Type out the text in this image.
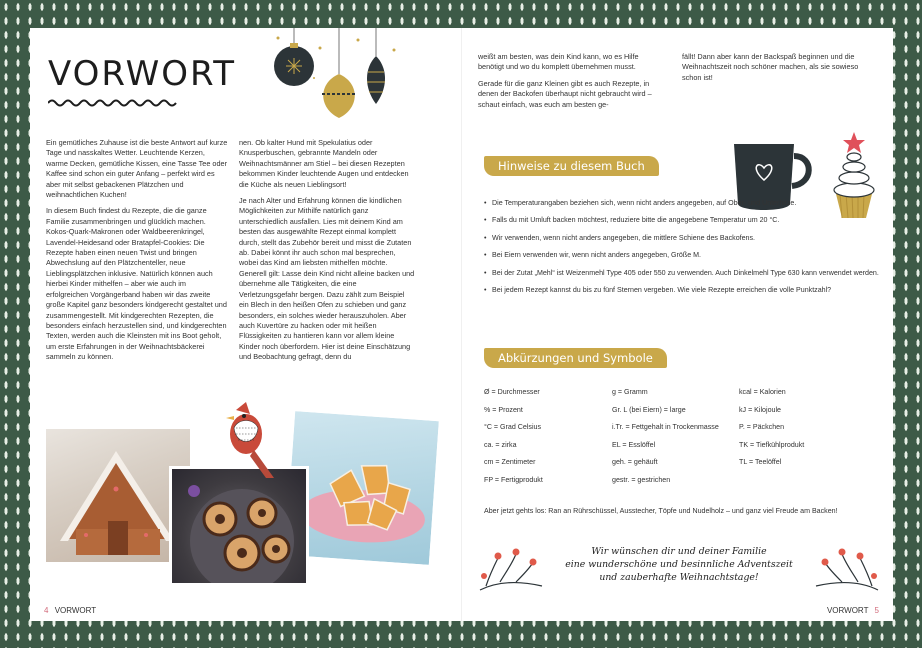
VORWORT

Ein gemütliches Zuhause ist die beste Antwort auf kurze Tage und nasskaltes Wetter. Leuchtende Kerzen, warme Decken, gemütliche Kissen, eine Tasse Tee oder Kaffee sind schon ein guter Anfang – perfekt wird es aber mit selbst gebackenen Plätzchen und weihnachtlichen Kuchen!

In diesem Buch findest du Rezepte, die die ganze Familie zusammenbringen und glücklich machen. Kokos-Quark-Makronen oder Waldbeerenkringel, Lavendel-Heidesand oder Bratapfel-Cookies: Die Rezepte haben einen neuen Twist und bringen Abwechslung auf den Plätzchenteller, neue Lieblingsplätzchen inklusive. Natürlich können auch hierbei Kinder mithelfen – aber wie auch im erfolgreichen Vorgängerband haben wir das zweite große Kapitel ganz besonders kindgerecht gestaltet und zusammengestellt. Mit kindgerechten Rezepten, die besonders einfach herzustellen sind, und kindgerechten Texten, werden auch die Kleinsten mit ins Boot geholt, um erste Erfahrungen in der Weihnachtsbäckerei sammeln zu können.

nen. Ob kalter Hund mit Spekulatius oder Knusperbuschen, gebrannte Mandeln oder Weihnachtsmänner am Stiel – bei diesen Rezepten bekommen Kinder leuchtende Augen und entdecken die Küche als neuen Lieblingsort!

Je nach Alter und Erfahrung können die kindlichen Möglichkeiten zur Mithilfe natürlich ganz unterschiedlich ausfallen. Lies mit deinem Kind am besten das ausgewählte Rezept einmal komplett durch, stellt das Zubehör bereit und misst die Zutaten ab. Dabei könnt ihr auch schon mal besprechen, wobei das Kind am liebsten mithelfen möchte. Generell gilt: Lasse dein Kind nicht alleine backen und übernehme alle Tätigkeiten, die eine Verletzungsgefahr bergen. Dazu zählt zum Beispiel ein Blech in den heißen Ofen zu schieben und ganz besonders, ein solches wieder herauszuholen. Aber auch Kuvertüre zu hacken oder mit heißen Flüssigkeiten zu hantieren kann vor allem kleine Kinder noch überfordern. Hier ist deine Einschätzung und Beobachtung gefragt, denn du

4 VORWORT

weißt am besten, was dein Kind kann, wo es Hilfe benötigt und wo du komplett übernehmen musst.

Gerade für die ganz Kleinen gibt es auch Rezepte, in denen der Backofen überhaupt nicht gebraucht wird – schaut einfach, was euch am besten ge-

fällt! Dann aber kann der Backspaß beginnen und die Weihnachtszeit noch schöner machen, als sie sowieso schon ist!

Hinweise zu diesem Buch
• Die Temperaturangaben beziehen sich, wenn nicht anders angegeben, auf Ober- und Unterhitze.
• Falls du mit Umluft backen möchtest, reduziere bitte die angegebene Temperatur um 20 °C.
• Wir verwenden, wenn nicht anders angegeben, die mittlere Schiene des Backofens.
• Bei Eiern verwenden wir, wenn nicht anders angegeben, Größe M.
• Bei der Zutat „Mehl“ ist Weizenmehl Type 405 oder 550 zu verwenden. Auch Dinkelmehl Type 630 kann verwendet werden.
• Bei jedem Rezept kannst du bis zu fünf Sternen vergeben. Wie viele Rezepte erreichen die volle Punktzahl?
Abkürzungen und Symbole
Ø = Durchmesser	g = Gramm	kcal = Kalorien
% = Prozent	Gr. L (bei Eiern) = large	kJ = Kilojoule
°C = Grad Celsius	i.Tr. = Fettgehalt in Trockenmasse	P. = Päckchen
ca. = zirka	EL = Esslöffel	TK = Tiefkühlprodukt
cm = Zentimeter	geh. = gehäuft	TL = Teelöffel
FP = Fertigprodukt	gestr. = gestrichen

Aber jetzt gehts los: Ran an Rührschüssel, Ausstecher, Töpfe und Nudelholz – und ganz viel Freude am Backen!

Wir wünschen dir und deiner Familie
eine wunderschöne und besinnliche Adventszeit
und zauberhafte Weihnachtstage!
VORWORT 5
